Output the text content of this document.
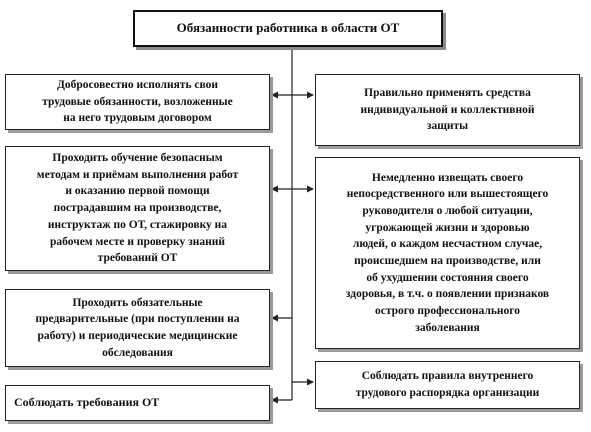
Обязанности работника в области ОТ
Добросовестно исполнять свои
трудовые обязанности, возложенные
на него трудовым договором
Проходить обучение безопасным
методам и приёмам выполнения работ
и оказанию первой помощи
пострадавшим на производстве,
инструктаж по ОТ, стажировку на
рабочем месте и проверку знаний
требований ОТ
Проходить обязательные
предварительные (при поступлении на
работу) и периодические медицинские
обследования
Соблюдать требования ОТ
Правильно применять средства
индивидуальной и коллективной
защиты
Немедленно извещать своего
непосредственного или вышестоящего
руководителя о любой ситуации,
угрожающей жизни и здоровью
людей, о каждом несчастном случае,
происшедшем на производстве, или
об ухудшении состояния своего
здоровья, в т.ч. о появлении признаков
острого профессионального
заболевания
Соблюдать правила внутреннего
трудового распорядка организации
